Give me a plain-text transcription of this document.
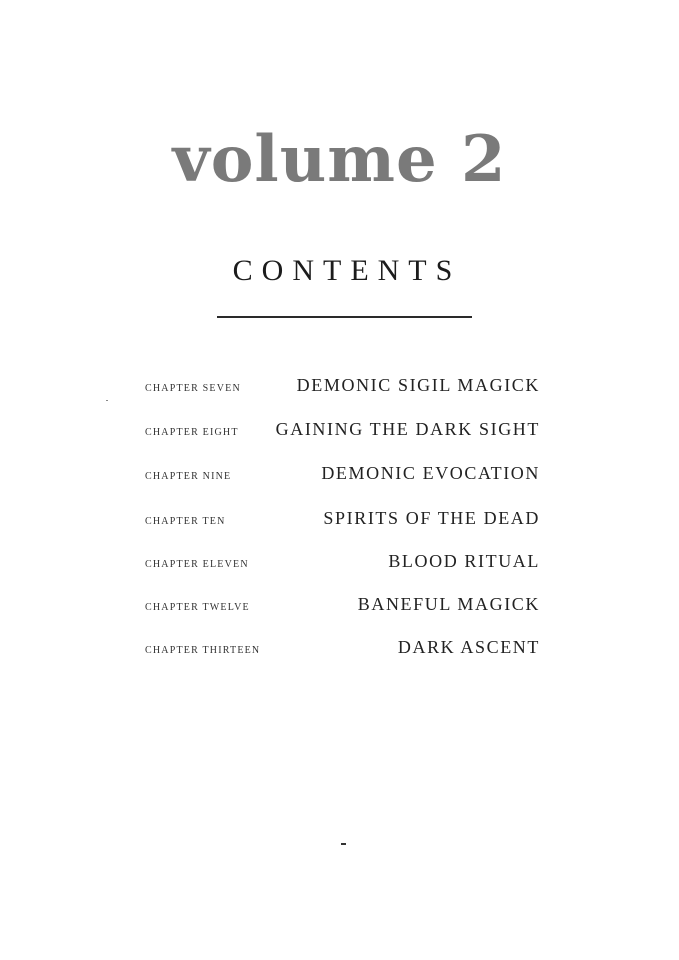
volume 2
CONTENTS
CHAPTER SEVEN	DEMONIC SIGIL MAGICK
CHAPTER EIGHT GAINING THE DARK SIGHT
CHAPTER NINE	DEMONIC EVOCATION
CHAPTER TEN	SPIRITS OF THE DEAD
CHAPTER ELEVEN	BLOOD RITUAL
CHAPTER TWELVE	BANEFUL MAGICK
CHAPTER THIRTEEN	DARK ASCENT
